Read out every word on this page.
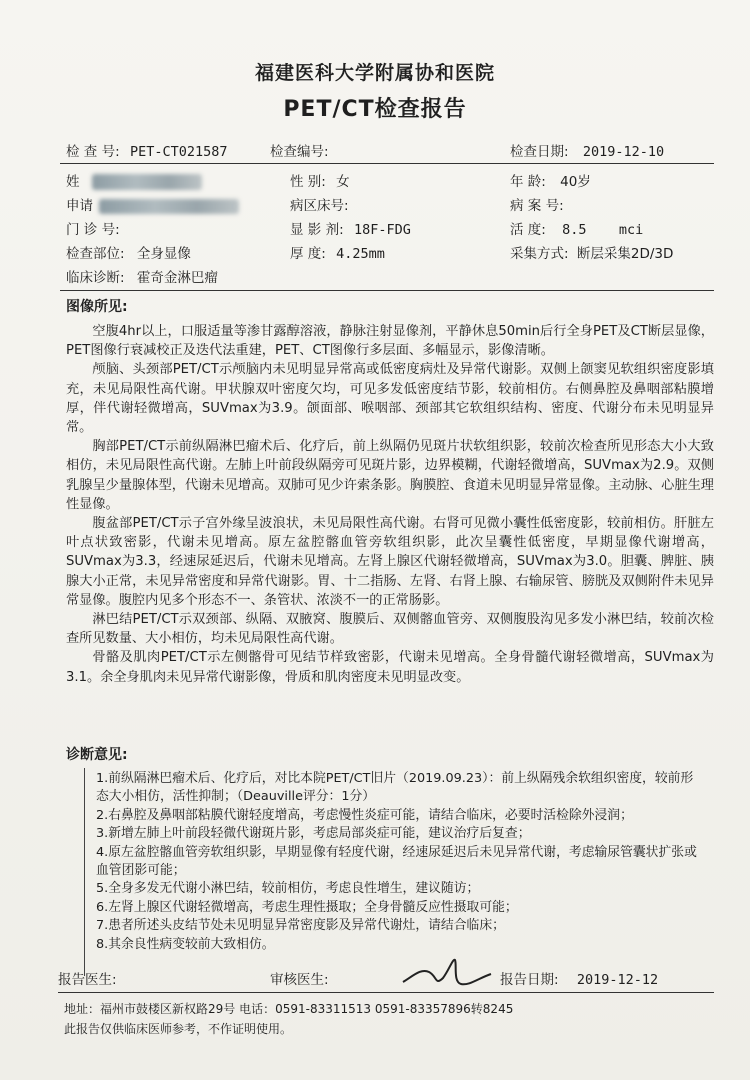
福建医科大学附属协和医院
PET/CT检查报告
检 查 号: PET-CT021587	检查编号:	检查日期: 2019-12-10
姓	性 别: 女	年 龄: 40岁
申请	病区床号:	病 案 号:
门 诊 号:	显 影 剂: 18F-FDG	活 度: 8.5 mci
检查部位: 全身显像	厚 度: 4.25mm	采集方式: 断层采集2D/3D
临床诊断: 霍奇金淋巴瘤
图像所见:

空腹4hr以上，口服适量等渗甘露醇溶液，静脉注射显像剂，平静休息50min后行全身PET及CT断层显像，PET图像行衰减校正及迭代法重建，PET、CT图像行多层面、多幅显示，影像清晰。

颅脑、头颈部PET/CT示颅脑内未见明显异常高或低密度病灶及异常代谢影。双侧上颌窦见软组织密度影填充，未见局限性高代谢。甲状腺双叶密度欠均，可见多发低密度结节影，较前相仿。右侧鼻腔及鼻咽部粘膜增厚，伴代谢轻微增高，SUVmax为3.9。颌面部、喉咽部、颈部其它软组织结构、密度、代谢分布未见明显异常。

胸部PET/CT示前纵隔淋巴瘤术后、化疗后，前上纵隔仍见斑片状软组织影，较前次检查所见形态大小大致相仿，未见局限性高代谢。左肺上叶前段纵隔旁可见斑片影，边界模糊，代谢轻微增高，SUVmax为2.9。双侧乳腺呈少量腺体型，代谢未见增高。双肺可见少许索条影。胸膜腔、食道未见明显异常显像。主动脉、心脏生理性显像。

腹盆部PET/CT示子宫外缘呈波浪状，未见局限性高代谢。右肾可见微小囊性低密度影，较前相仿。肝脏左叶点状致密影，代谢未见增高。原左盆腔髂血管旁软组织影，此次呈囊性低密度，早期显像代谢增高，SUVmax为3.3，经速尿延迟后，代谢未见增高。左肾上腺区代谢轻微增高，SUVmax为3.0。胆囊、脾脏、胰腺大小正常，未见异常密度和异常代谢影。胃、十二指肠、左肾、右肾上腺、右输尿管、膀胱及双侧附件未见异常显像。腹腔内见多个形态不一、条管状、浓淡不一的正常肠影。

淋巴结PET/CT示双颈部、纵隔、双腋窝、腹膜后、双侧髂血管旁、双侧腹股沟见多发小淋巴结，较前次检查所见数量、大小相仿，均未见局限性高代谢。

骨骼及肌肉PET/CT示左侧髂骨可见结节样致密影，代谢未见增高。全身骨髓代谢轻微增高，SUVmax为3.1。余全身肌肉未见异常代谢影像，骨质和肌肉密度未见明显改变。

诊断意见:
1.前纵隔淋巴瘤术后、化疗后，对比本院PET/CT旧片（2019.09.23）：前上纵隔残余软组织密度，较前形态大小相仿，活性抑制；（Deauville评分：1分）
2.右鼻腔及鼻咽部粘膜代谢轻度增高，考虑慢性炎症可能，请结合临床，必要时活检除外浸润；
3.新增左肺上叶前段轻微代谢斑片影，考虑局部炎症可能，建议治疗后复查；
4.原左盆腔髂血管旁软组织影，早期显像有轻度代谢，经速尿延迟后未见异常代谢，考虑输尿管囊状扩张或血管团影可能；
5.全身多发无代谢小淋巴结，较前相仿，考虑良性增生，建议随访；
6.左肾上腺区代谢轻微增高，考虑生理性摄取；全身骨髓反应性摄取可能；
7.患者所述头皮结节处未见明显异常密度影及异常代谢灶，请结合临床；
8.其余良性病变较前大致相仿。
报告医生:	审核医生:	报告日期: 2019-12-12
地址：福州市鼓楼区新权路29号 电话：0591-83311513 0591-83357896转8245
此报告仅供临床医师参考，不作证明使用。
